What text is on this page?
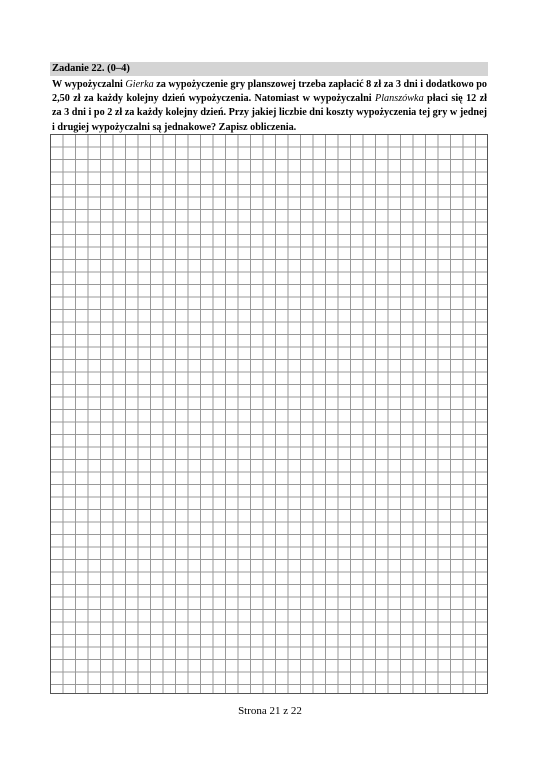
Zadanie 22. (0–4)
W wypożyczalni Gierka za wypożyczenie gry planszowej trzeba zapłacić 8 zł za 3 dni i dodatkowo po 2,50 zł za każdy kolejny dzień wypożyczenia. Natomiast w wypożyczalni Planszówka płaci się 12 zł za 3 dni i po 2 zł za każdy kolejny dzień. Przy jakiej liczbie dni koszty wypożyczenia tej gry w jednej i drugiej wypożyczalni są jednakowe? Zapisz obliczenia.
Strona 21 z 22
